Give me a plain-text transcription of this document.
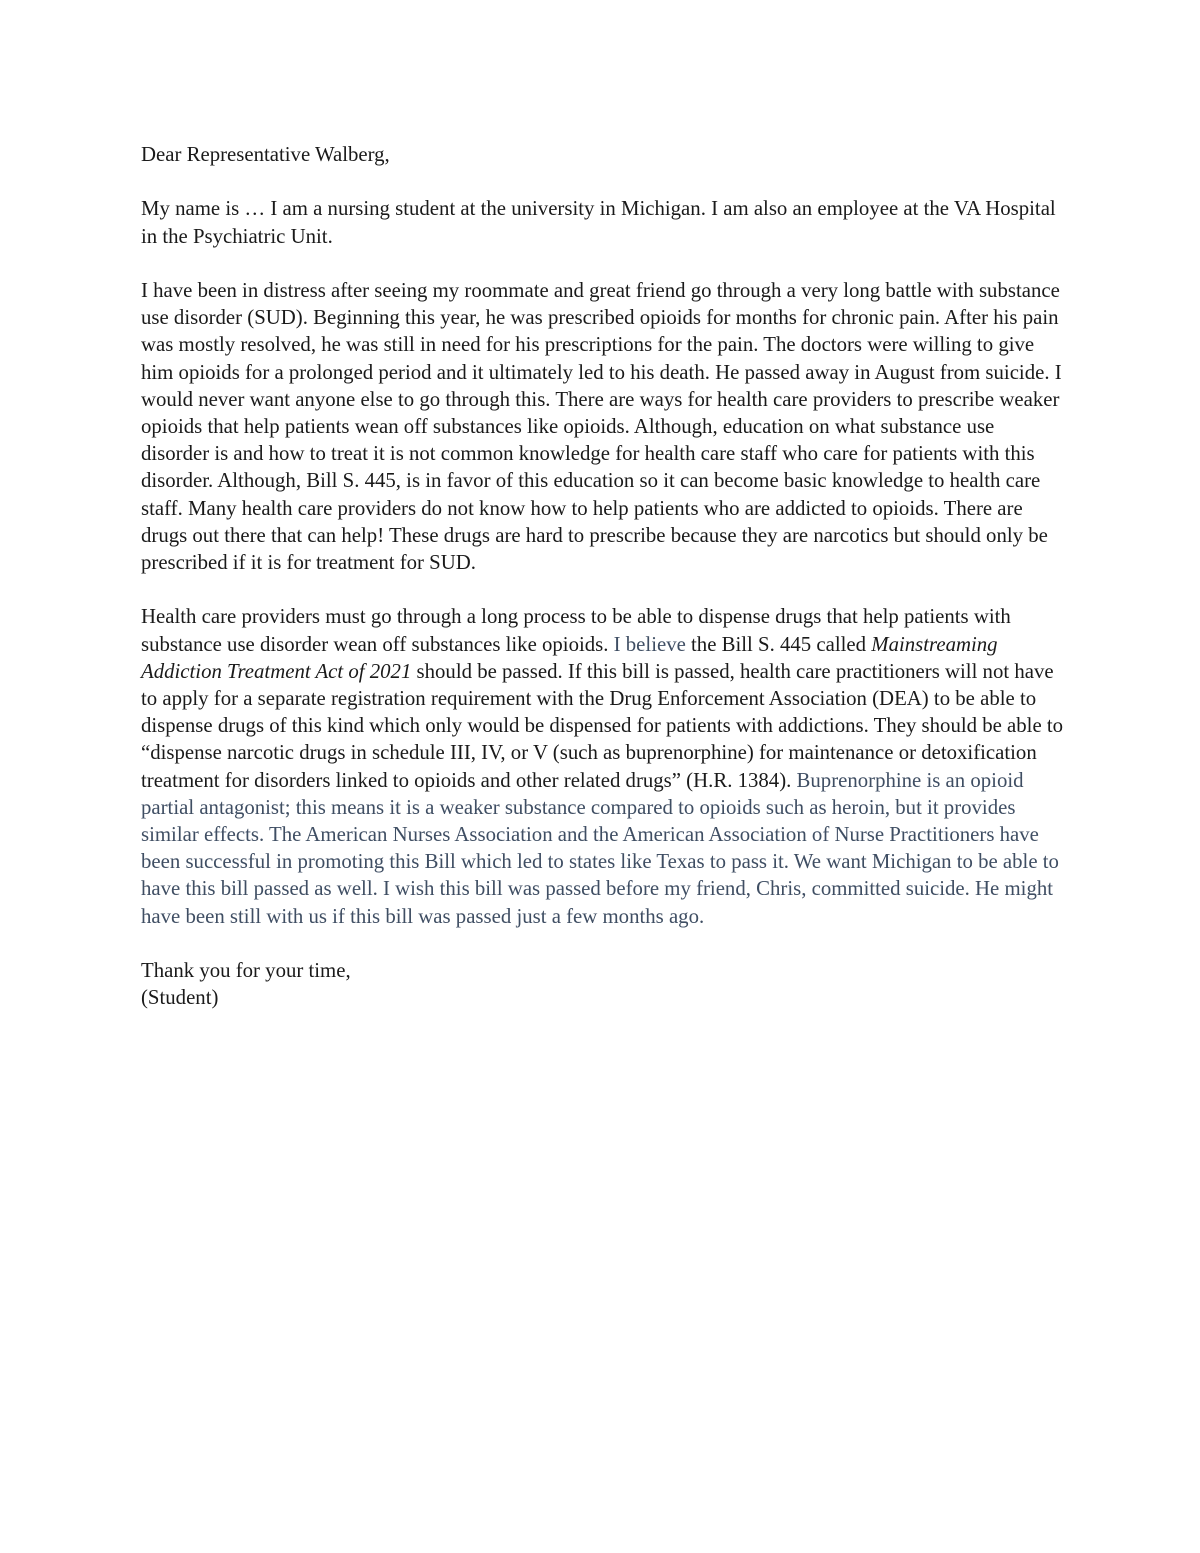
Dear Representative Walberg,

My name is … I am a nursing student at the university in Michigan. I am also an employee at the VA Hospital in the Psychiatric Unit.

I have been in distress after seeing my roommate and great friend go through a very long battle with substance use disorder (SUD). Beginning this year, he was prescribed opioids for months for chronic pain. After his pain was mostly resolved, he was still in need for his prescriptions for the pain. The doctors were willing to give him opioids for a prolonged period and it ultimately led to his death. He passed away in August from suicide. I would never want anyone else to go through this. There are ways for health care providers to prescribe weaker opioids that help patients wean off substances like opioids. Although, education on what substance use disorder is and how to treat it is not common knowledge for health care staff who care for patients with this disorder. Although, Bill S. 445, is in favor of this education so it can become basic knowledge to health care staff. Many health care providers do not know how to help patients who are addicted to opioids. There are drugs out there that can help! These drugs are hard to prescribe because they are narcotics but should only be prescribed if it is for treatment for SUD.

Health care providers must go through a long process to be able to dispense drugs that help patients with substance use disorder wean off substances like opioids. I believe the Bill S. 445 called Mainstreaming Addiction Treatment Act of 2021 should be passed. If this bill is passed, health care practitioners will not have to apply for a separate registration requirement with the Drug Enforcement Association (DEA) to be able to dispense drugs of this kind which only would be dispensed for patients with addictions. They should be able to “dispense narcotic drugs in schedule III, IV, or V (such as buprenorphine) for maintenance or detoxification treatment for disorders linked to opioids and other related drugs” (H.R. 1384). Buprenorphine is an opioid partial antagonist; this means it is a weaker substance compared to opioids such as heroin, but it provides similar effects. The American Nurses Association and the American Association of Nurse Practitioners have been successful in promoting this Bill which led to states like Texas to pass it. We want Michigan to be able to have this bill passed as well. I wish this bill was passed before my friend, Chris, committed suicide. He might have been still with us if this bill was passed just a few months ago.

Thank you for your time,

(Student)
